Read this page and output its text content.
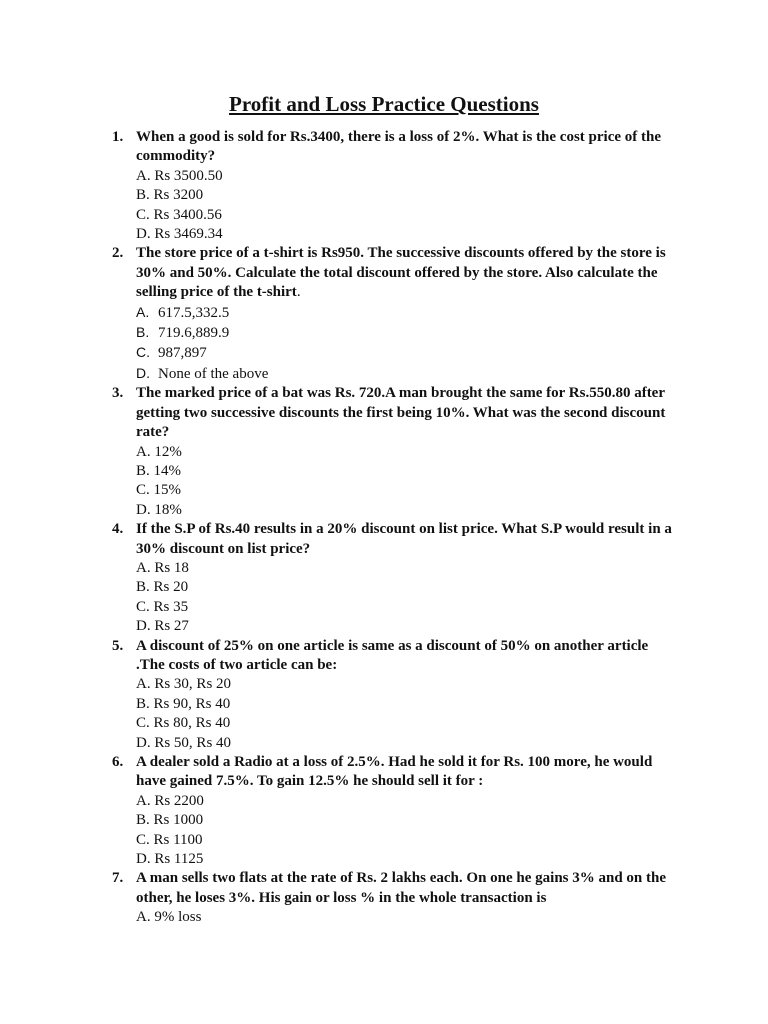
Profit and Loss Practice Questions
1. When a good is sold for Rs.3400, there is a loss of 2%. What is the cost price of the commodity?
A. Rs 3500.50
B. Rs 3200
C. Rs 3400.56
D. Rs 3469.34
2. The store price of a t-shirt is Rs950. The successive discounts offered by the store is 30% and 50%. Calculate the total discount offered by the store. Also calculate the selling price of the t-shirt.
A. 617.5,332.5
B. 719.6,889.9
C. 987,897
D. None of the above
3. The marked price of a bat was Rs. 720.A man brought the same for Rs.550.80 after getting two successive discounts the first being 10%. What was the second discount rate?
A. 12%
B. 14%
C. 15%
D. 18%
4. If the S.P of Rs.40 results in a 20% discount on list price. What S.P would result in a 30% discount on list price?
A. Rs 18
B. Rs 20
C. Rs 35
D. Rs 27
5. A discount of 25% on one article is same as a discount of 50% on another article .The costs of two article can be:
A. Rs 30, Rs 20
B. Rs 90, Rs 40
C. Rs 80, Rs 40
D. Rs 50, Rs 40
6. A dealer sold a Radio at a loss of 2.5%. Had he sold it for Rs. 100 more, he would have gained 7.5%. To gain 12.5% he should sell it for :
A. Rs 2200
B. Rs 1000
C. Rs 1100
D. Rs 1125
7. A man sells two flats at the rate of Rs. 2 lakhs each. On one he gains 3% and on the other, he loses 3%. His gain or loss % in the whole transaction is
A. 9% loss
